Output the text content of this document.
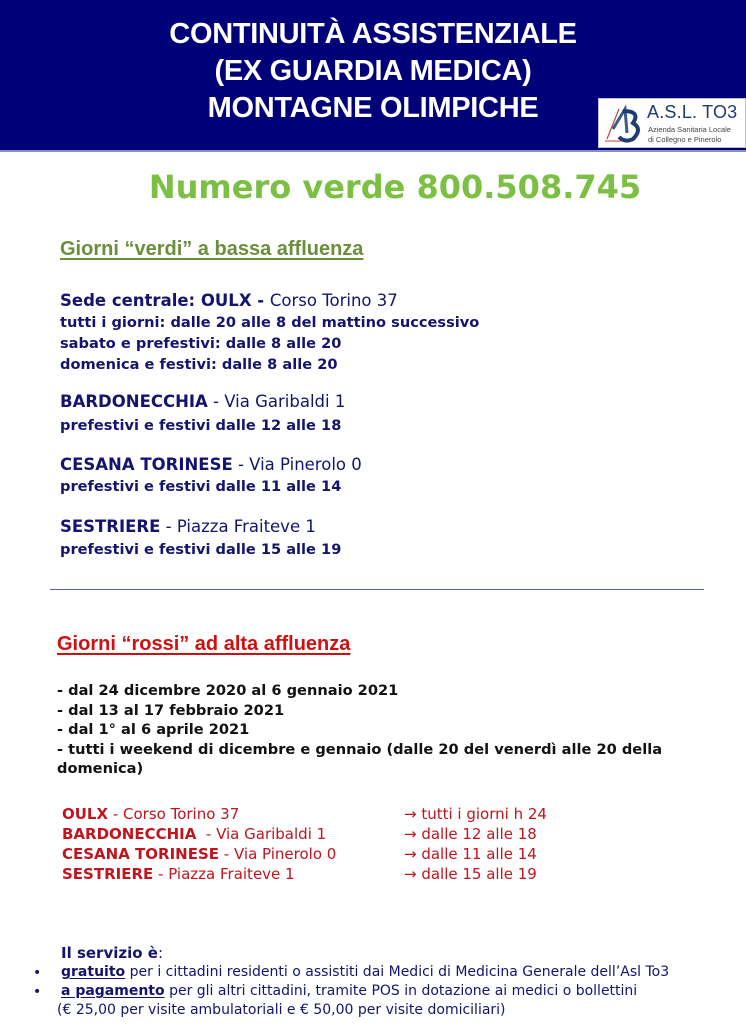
CONTINUITÀ ASSISTENZIALE
(EX GUARDIA MEDICA)
MONTAGNE OLIMPICHE	A.S.L. TO3
Azienda Sanitaria Locale
di Collegno e Pinerolo
Numero verde 800.508.745
Giorni “verdi” a bassa affluenza
Sede centrale: OULX - Corso Torino 37
tutti i giorni: dalle 20 alle 8 del mattino successivo
sabato e prefestivi: dalle 8 alle 20
domenica e festivi: dalle 8 alle 20
BARDONECCHIA - Via Garibaldi 1
prefestivi e festivi dalle 12 alle 18
CESANA TORINESE - Via Pinerolo 0
prefestivi e festivi dalle 11 alle 14
SESTRIERE - Piazza Fraiteve 1
prefestivi e festivi dalle 15 alle 19
Giorni “rossi” ad alta affluenza
- dal 24 dicembre 2020 al 6 gennaio 2021
- dal 13 al 17 febbraio 2021
- dal 1° al 6 aprile 2021
- tutti i weekend di dicembre e gennaio (dalle 20 del venerdì alle 20 della domenica)
OULX - Corso Torino 37	→ tutti i giorni h 24
BARDONECCHIA  - Via Garibaldi 1	→ dalle 12 alle 18
CESANA TORINESE - Via Pinerolo 0	→ dalle 11 alle 14
SESTRIERE - Piazza Fraiteve 1	→ dalle 15 alle 19
Il servizio è:
• gratuito per i cittadini residenti o assistiti dai Medici di Medicina Generale dell’Asl To3
• a pagamento per gli altri cittadini, tramite POS in dotazione ai medici o bollettini
(€ 25,00 per visite ambulatoriali e € 50,00 per visite domiciliari)
